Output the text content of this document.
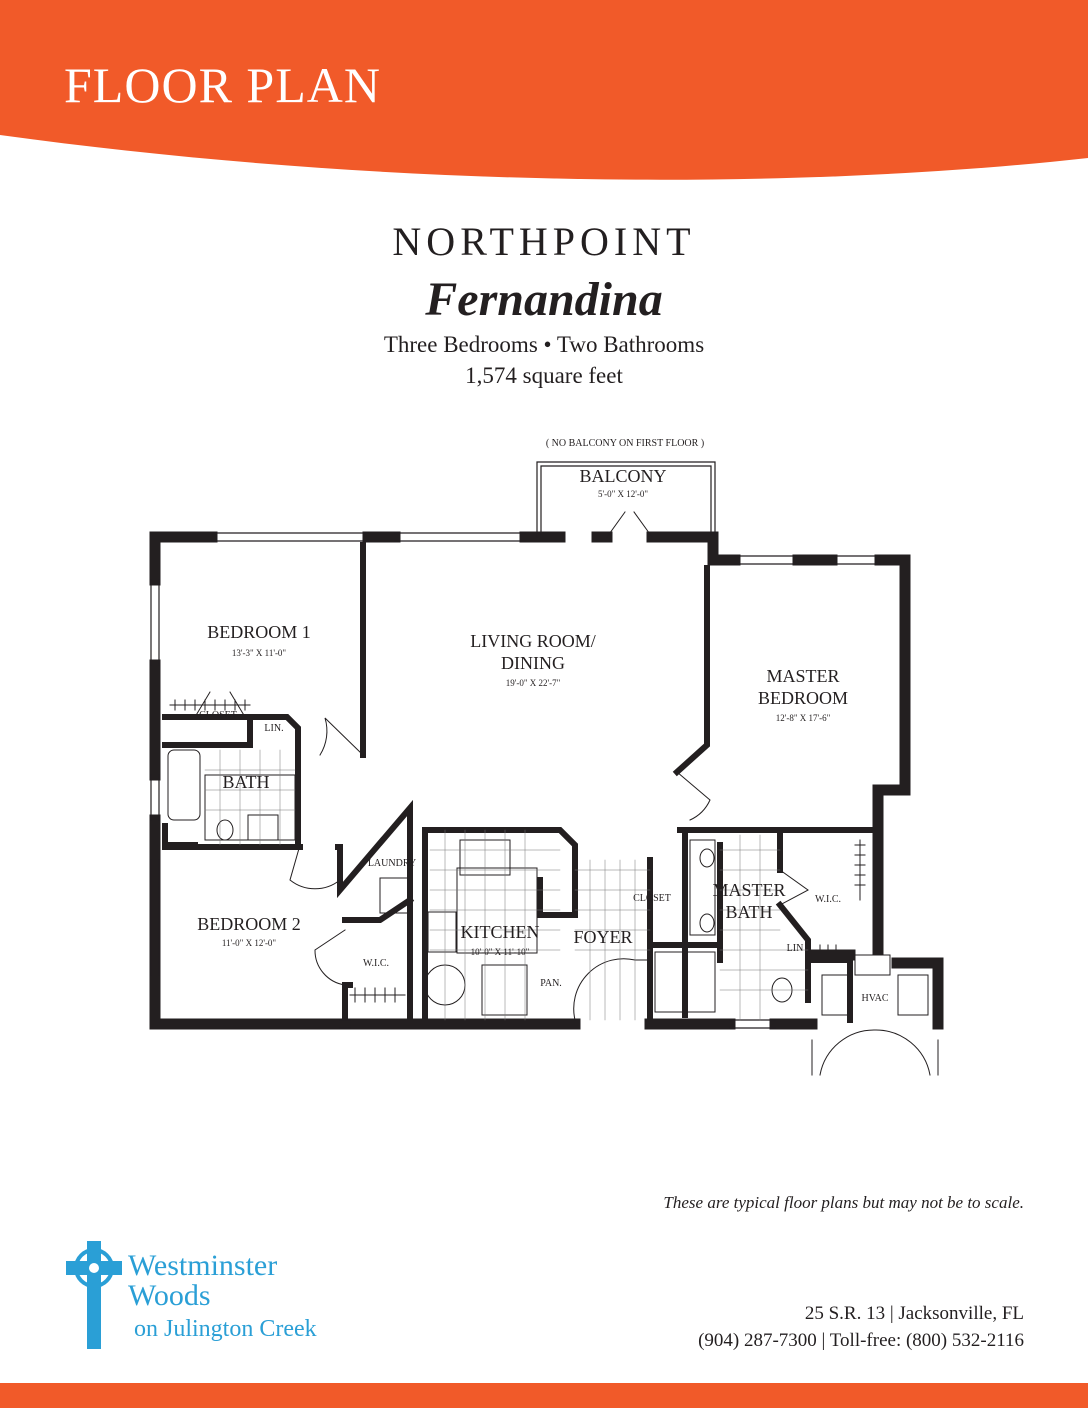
FLOOR PLAN
NORTHPOINT
Fernandina
Three Bedrooms • Two Bathrooms
1,574 square feet
( NO BALCONY ON FIRST FLOOR )
BALCONY
5'-0" X 12'-0"
BEDROOM 1
13'-3" X 11'-0"
LIVING ROOM/
DINING
19'-0" X 22'-7"	MASTER
BEDROOM
12'-8" X 17'-6"
CLOSET
LIN.
BATH
LAUNDRY
BEDROOM 2
11'-0" X 12'-0"
W.I.C.
KITCHEN
10'-0" X 11'-10"
FOYER
CLOSET
PAN.
MASTER
BATH
W.I.C.
LIN
HVAC
These are typical floor plans but may not be to scale.
Westminster
Woods
on Julington Creek
25 S.R. 13 | Jacksonville, FL
(904) 287-7300 | Toll-free: (800) 532-2116
